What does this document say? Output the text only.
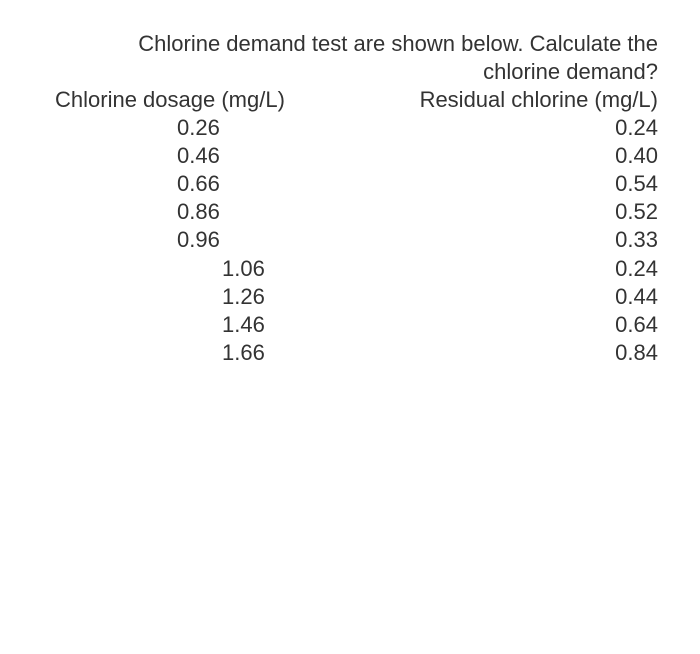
Chlorine demand test are shown below. Calculate the chlorine demand?
Chlorine dosage (mg/L)	Residual chlorine (mg/L)
0.26	0.24
0.46	0.40
0.66	0.54
0.86	0.52
0.96	0.33
1.06	0.24
1.26	0.44
1.46	0.64
1.66	0.84
